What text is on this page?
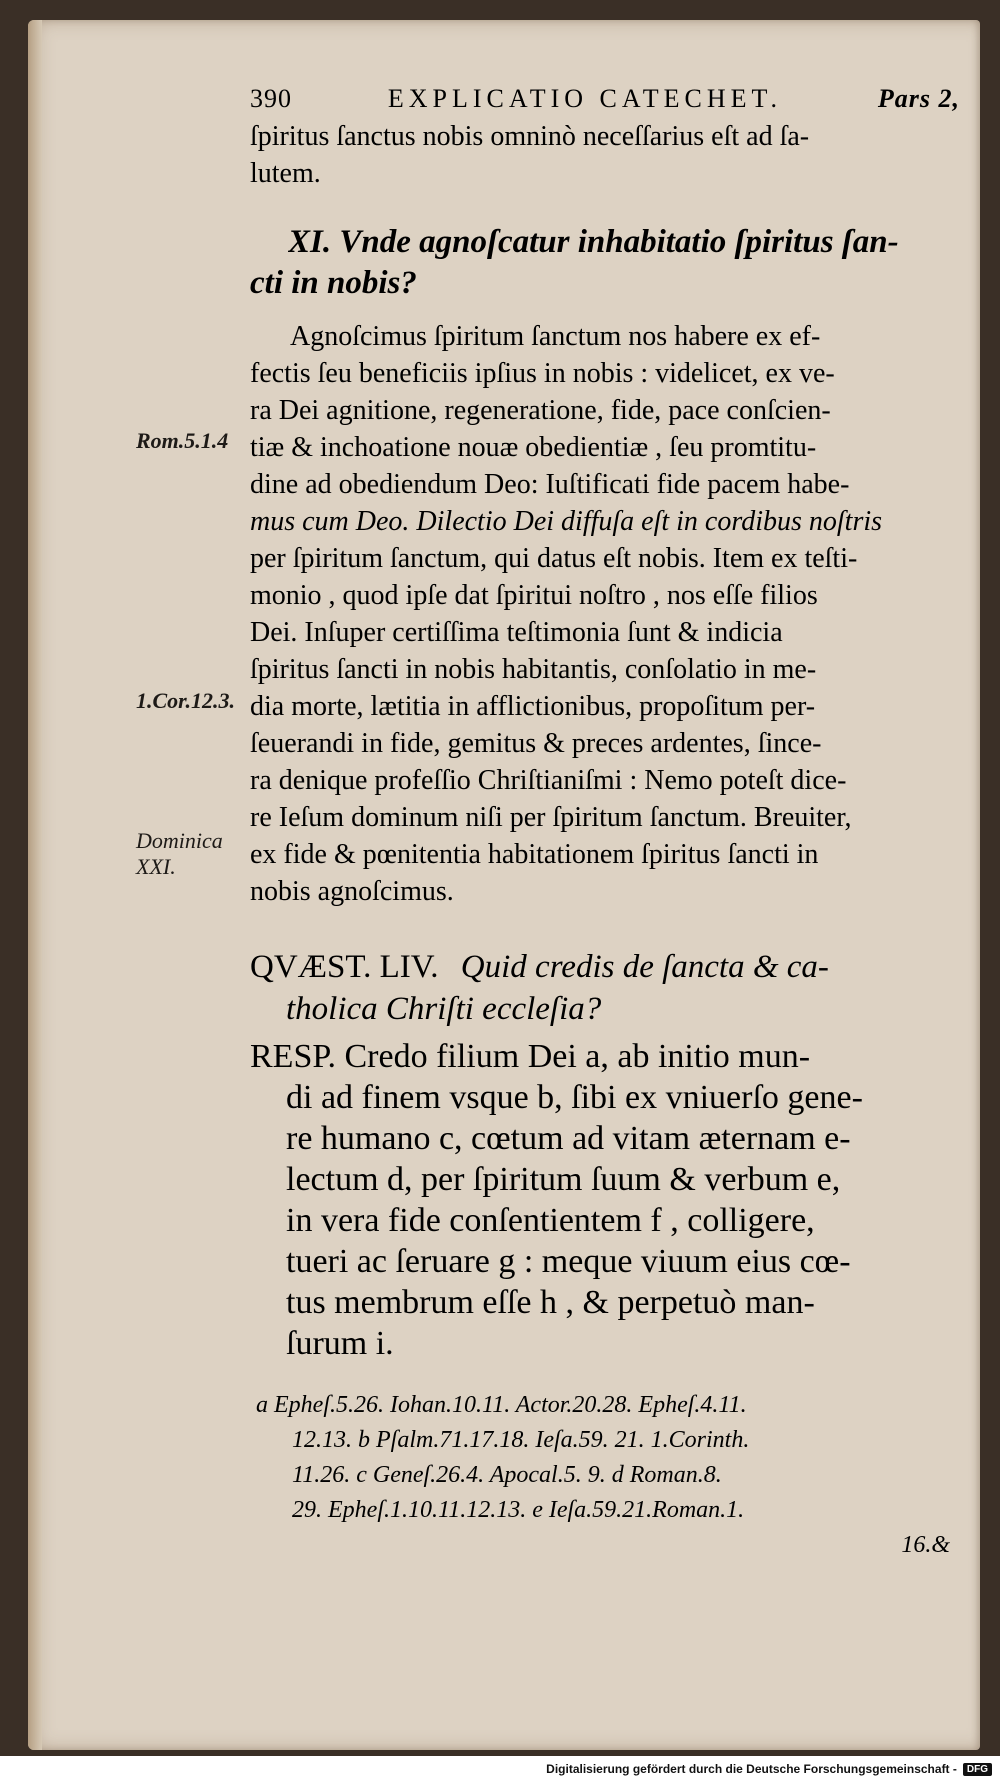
Rom.5.1.4
1.Cor.12.3.
Dominica
XXI.
390	EXPLICATIO CATECHET.	Pars 2,
ſpiritus ſanctus nobis omninò neceſſarius eſt ad ſa-
lutem.
XI. Vnde agnoſcatur inhabitatio ſpiritus ſan-
cti in nobis?
Agnoſcimus ſpiritum ſanctum nos habere ex ef-
fectis ſeu beneficiis ipſius in nobis : videlicet, ex ve-
ra Dei agnitione, regeneratione, fide, pace conſcien-
tiæ & inchoatione nouæ obedientiæ , ſeu promtitu-
dine ad obediendum Deo: Iuſtificati fide pacem habe-
mus cum Deo. Dilectio Dei diffuſa eſt in cordibus noſtris
per ſpiritum ſanctum, qui datus eſt nobis. Item ex teſti-
monio , quod ipſe dat ſpiritui noſtro , nos eſſe filios
Dei. Inſuper certiſſima teſtimonia ſunt & indicia
ſpiritus ſancti in nobis habitantis, conſolatio in me-
dia morte, lætitia in afflictionibus, propoſitum per-
ſeuerandi in fide, gemitus & preces ardentes, ſince-
ra denique profeſſio Chriſtianiſmi : Nemo poteſt dice-
re Ieſum dominum niſi per ſpiritum ſanctum. Breuiter,
ex fide & pœnitentia habitationem ſpiritus ſancti in
nobis agnoſcimus.
QVÆST. LIV. Quid credis de ſancta & ca-
tholica Chriſti eccleſia?
RESP. Credo filium Dei a, ab initio mun-
di ad finem vsque b, ſibi ex vniuerſo gene-
re humano c, cœtum ad vitam æternam e-
lectum d, per ſpiritum ſuum & verbum e,
in vera fide conſentientem f , colligere,
tueri ac ſeruare g : meque viuum eius cœ-
tus membrum eſſe h , & perpetuò man-
ſurum i.
a Epheſ.5.26. Iohan.10.11. Actor.20.28. Epheſ.4.11.
12.13. b Pſalm.71.17.18. Ieſa.59. 21. 1.Corinth.
11.26. c Geneſ.26.4. Apocal.5. 9. d Roman.8.
29. Epheſ.1.10.11.12.13. e Ieſa.59.21.Roman.1.
16.&
Digitalisierung gefördert durch die Deutsche Forschungsgemeinschaft -	DFG
